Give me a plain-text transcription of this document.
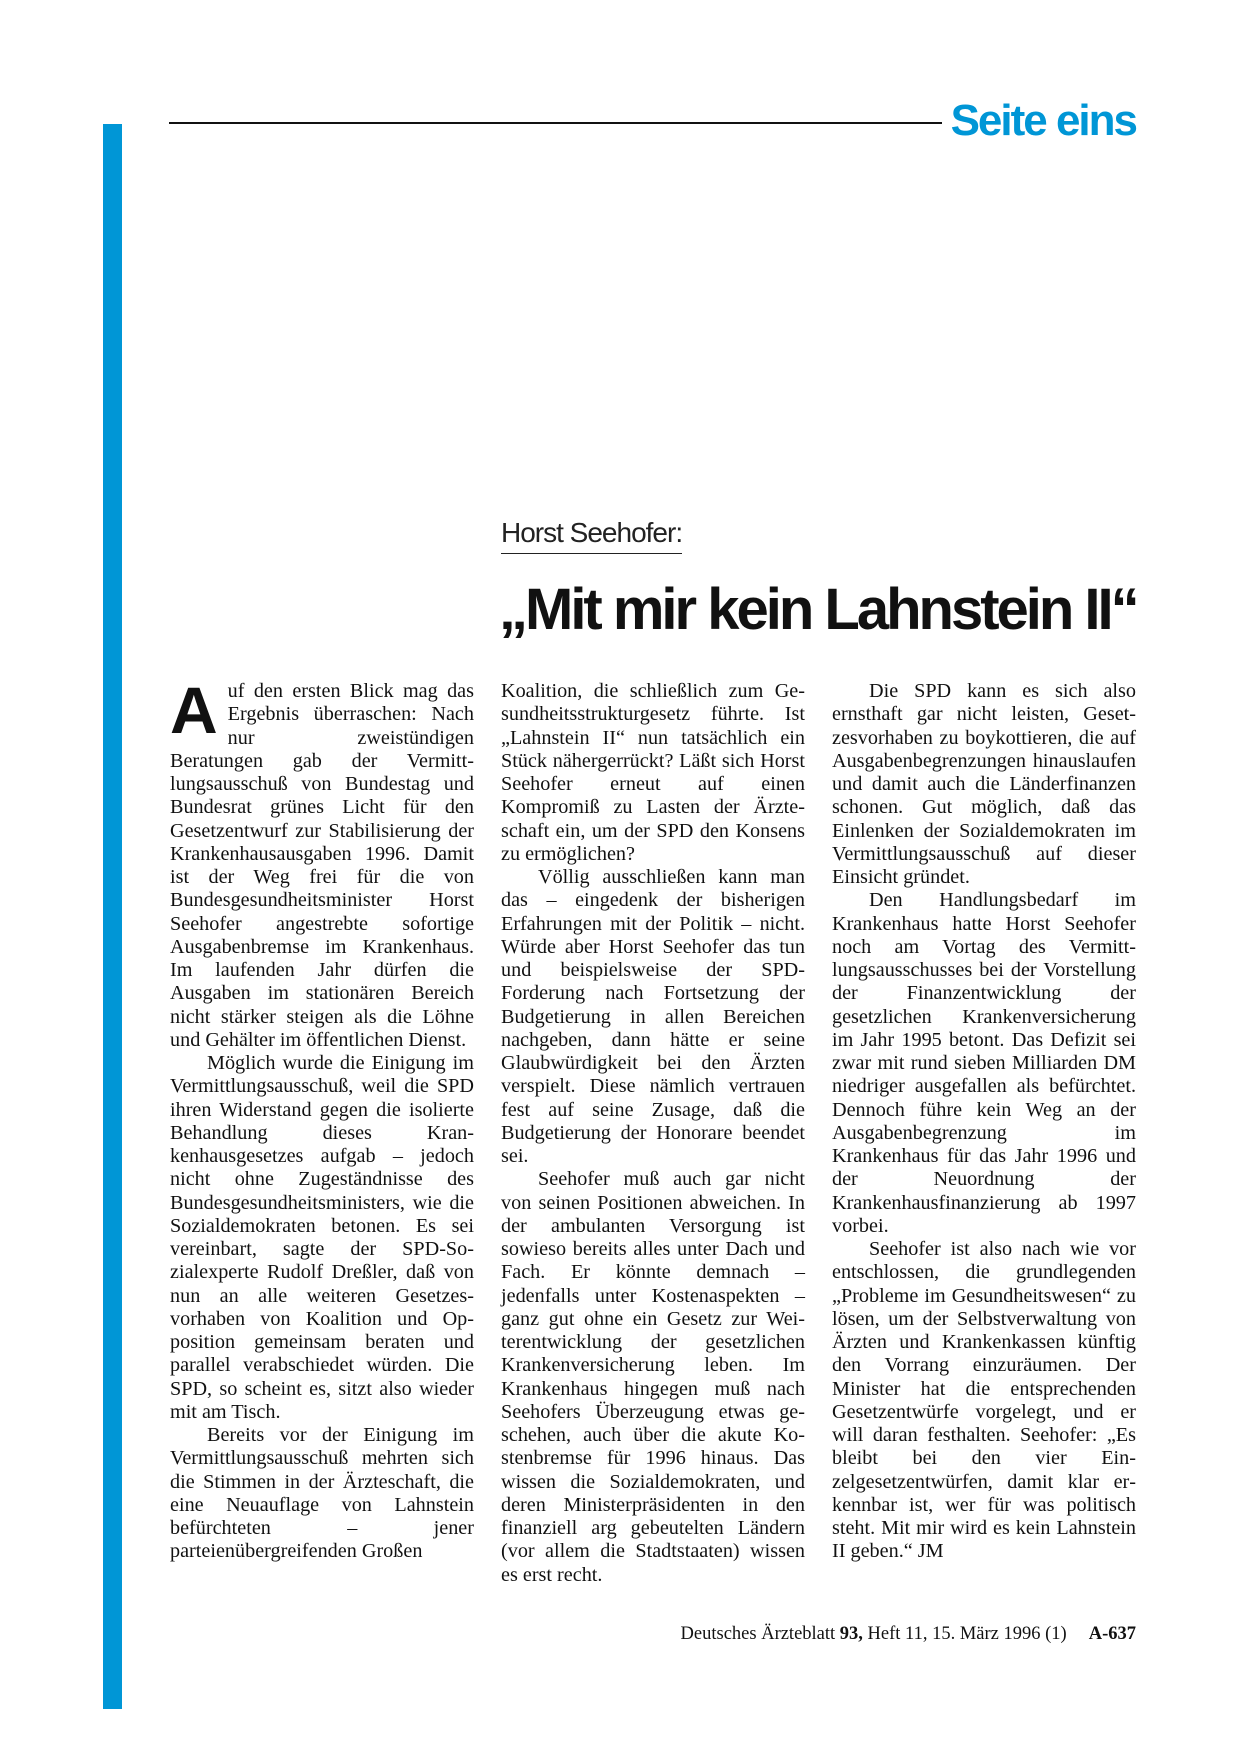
Seite eins
Horst Seehofer:
„Mit mir kein Lahnstein II“

Auf den ersten Blick mag das Ergebnis überraschen: Nach nur zweistündigen Beratungen gab der Vermittlungsausschuß von Bundestag und Bundesrat grünes Licht für den Gesetzentwurf zur Stabilisierung der Krankenhausausgaben 1996. Damit ist der Weg frei für die von Bundesgesundheitsminister Horst Seehofer angestrebte sofortige Ausgabenbremse im Krankenhaus. Im laufenden Jahr dürfen die Ausgaben im stationären Bereich nicht stärker steigen als die Löhne und Gehälter im öffentlichen Dienst.

Möglich wurde die Einigung im Vermittlungsausschuß, weil die SPD ihren Widerstand gegen die isolierte Behandlung dieses Krankenhausgesetzes aufgab – jedoch nicht ohne Zugeständnisse des Bundesgesundheitsministers, wie die Sozialdemokraten betonen. Es sei vereinbart, sagte der SPD-Sozialexperte Rudolf Dreßler, daß von nun an alle weiteren Gesetzesvorhaben von Koalition und Opposition gemeinsam beraten und parallel verabschiedet würden. Die SPD, so scheint es, sitzt also wieder mit am Tisch.

Bereits vor der Einigung im Vermittlungsausschuß mehrten sich die Stimmen in der Ärzteschaft, die eine Neuauflage von Lahnstein befürchteten – jener parteienübergreifenden Großen

Koalition, die schließlich zum Gesundheitsstrukturgesetz führte. Ist „Lahnstein II“ nun tatsächlich ein Stück nähergerrückt? Läßt sich Horst Seehofer erneut auf einen Kompromiß zu Lasten der Ärzteschaft ein, um der SPD den Konsens zu ermöglichen?

Völlig ausschließen kann man das – eingedenk der bisherigen Erfahrungen mit der Politik – nicht. Würde aber Horst Seehofer das tun und beispielsweise der SPD-Forderung nach Fortsetzung der Budgetierung in allen Bereichen nachgeben, dann hätte er seine Glaubwürdigkeit bei den Ärzten verspielt. Diese nämlich vertrauen fest auf seine Zusage, daß die Budgetierung der Honorare beendet sei.

Seehofer muß auch gar nicht von seinen Positionen abweichen. In der ambulanten Versorgung ist sowieso bereits alles unter Dach und Fach. Er könnte demnach – jedenfalls unter Kostenaspekten – ganz gut ohne ein Gesetz zur Weiterentwicklung der gesetzlichen Krankenversicherung leben. Im Krankenhaus hingegen muß nach Seehofers Überzeugung etwas geschehen, auch über die akute Kostenbremse für 1996 hinaus. Das wissen die Sozialdemokraten, und deren Ministerpräsidenten in den finanziell arg gebeutelten Ländern (vor allem die Stadtstaaten) wissen es erst recht.

Die SPD kann es sich also ernsthaft gar nicht leisten, Gesetzesvorhaben zu boykottieren, die auf Ausgabenbegrenzungen hinauslaufen und damit auch die Länderfinanzen schonen. Gut möglich, daß das Einlenken der Sozialdemokraten im Vermittlungsausschuß auf dieser Einsicht gründet.

Den Handlungsbedarf im Krankenhaus hatte Horst Seehofer noch am Vortag des Vermittlungsausschusses bei der Vorstellung der Finanzentwicklung der gesetzlichen Krankenversicherung im Jahr 1995 betont. Das Defizit sei zwar mit rund sieben Milliarden DM niedriger ausgefallen als befürchtet. Dennoch führe kein Weg an der Ausgabenbegrenzung im Krankenhaus für das Jahr 1996 und der Neuordnung der Krankenhausfinanzierung ab 1997 vorbei.

Seehofer ist also nach wie vor entschlossen, die grundlegenden „Probleme im Gesundheitswesen“ zu lösen, um der Selbstverwaltung von Ärzten und Krankenkassen künftig den Vorrang einzuräumen. Der Minister hat die entsprechenden Gesetzentwürfe vorgelegt, und er will daran festhalten. Seehofer: „Es bleibt bei den vier Einzelgesetzentwürfen, damit klar erkennbar ist, wer für was politisch steht. Mit mir wird es kein Lahnstein II geben.“ JM

Deutsches Ärzteblatt 93, Heft 11, 15. März 1996 (1) A-637
